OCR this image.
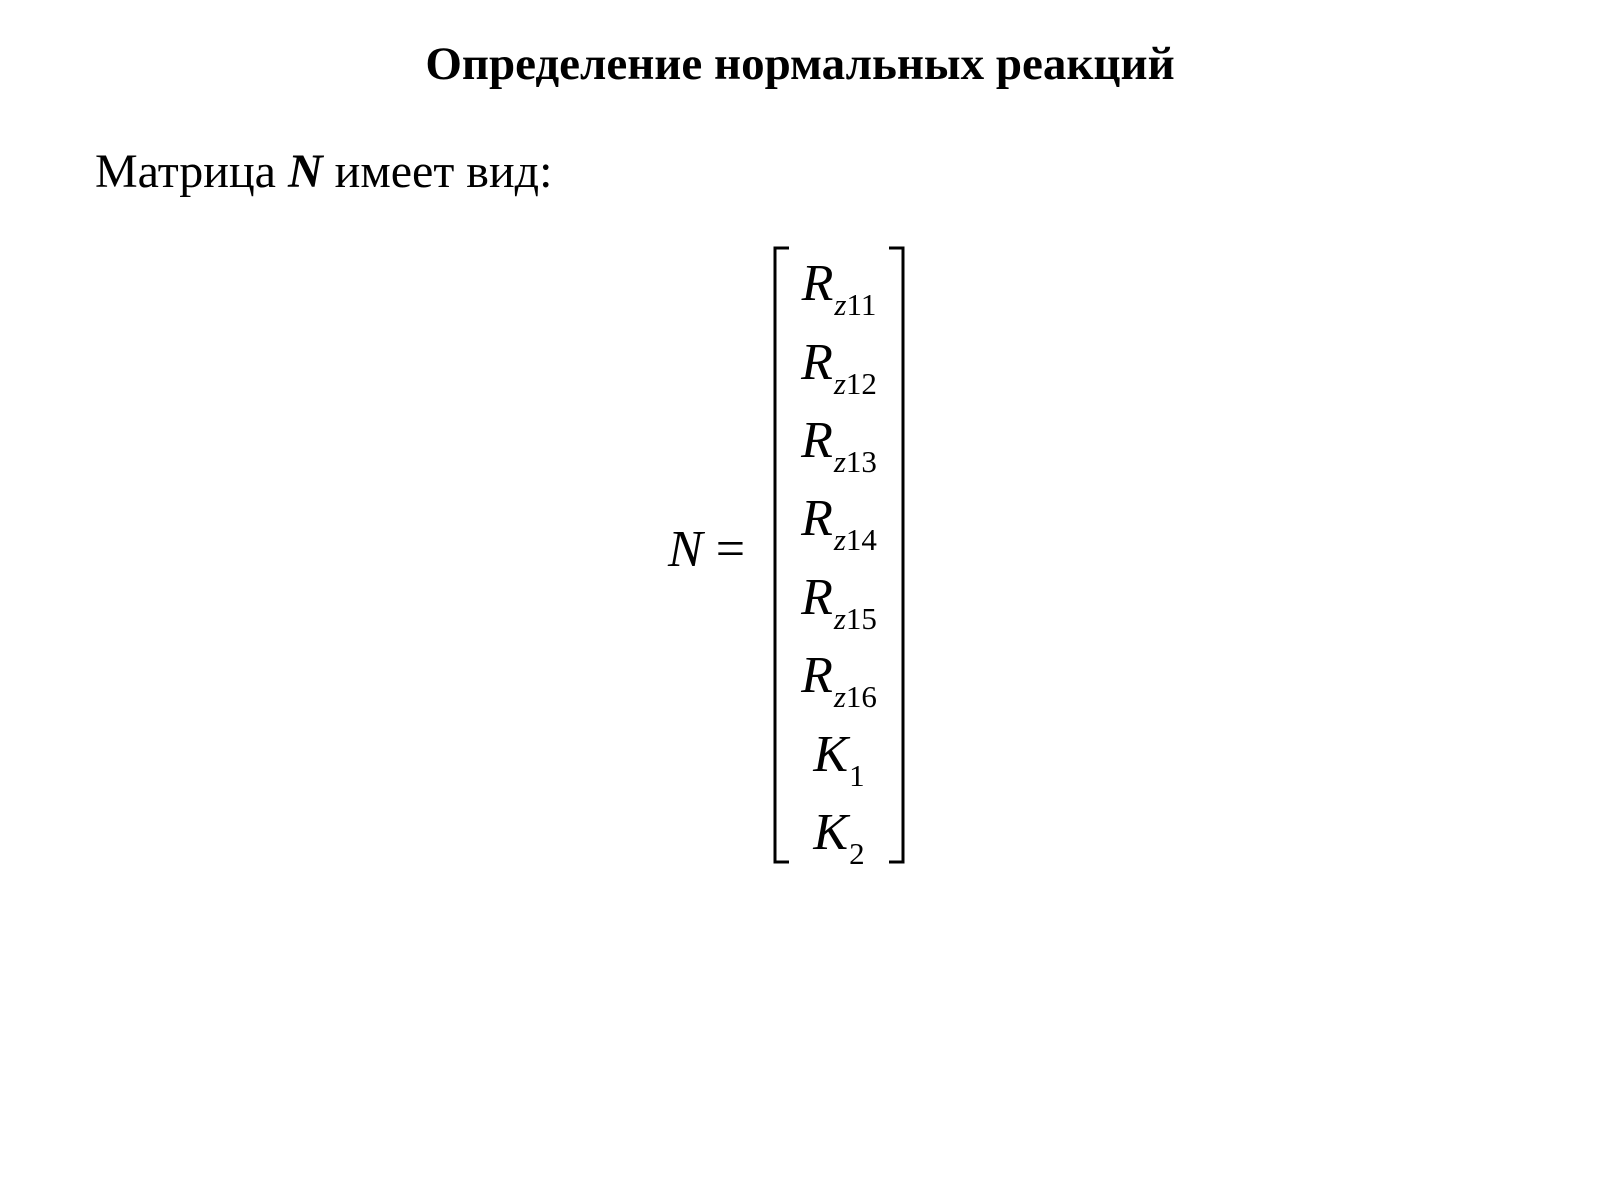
Определение нормальных реакций
Матрица N имеет вид:
N =
$R_{z11}$
$R_{z12}$
$R_{z13}$
$R_{z14}$
$R_{z15}$
$R_{z16}$
$K_1$
$K_2$
